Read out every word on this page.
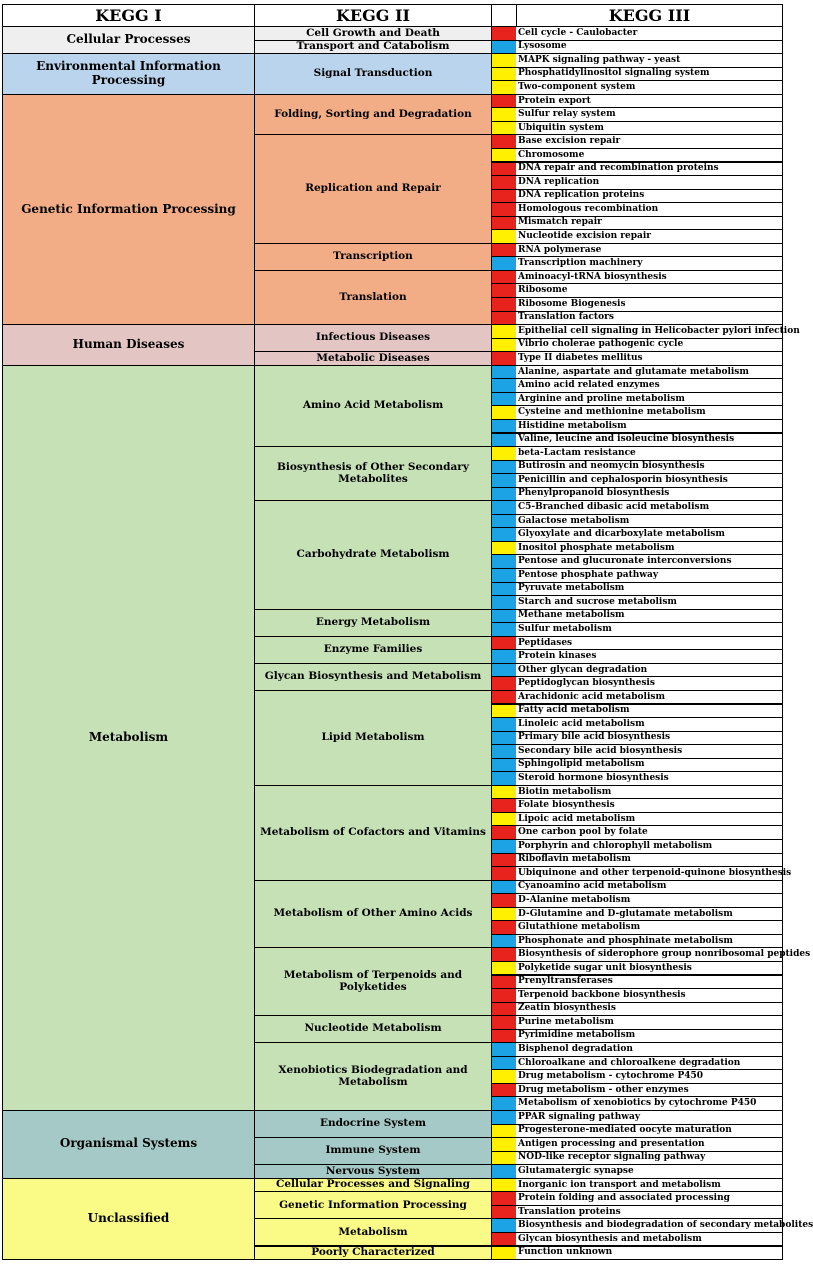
KEGG I	KEGG II	KEGG III
Cell cycle - Caulobacter
Cell Growth and Death
Lysosome
Transport and Catabolism
Cellular Processes
MAPK signaling pathway - yeast
Phosphatidylinositol signaling system
Two-component system
Signal Transduction
Environmental Information Processing
Protein export
Sulfur relay system
Ubiquitin system
Folding, Sorting and Degradation
Base excision repair
Chromosome
DNA repair and recombination proteins
DNA replication
DNA replication proteins
Homologous recombination
Mismatch repair
Nucleotide excision repair
Replication and Repair
RNA polymerase
Transcription machinery
Transcription
Aminoacyl-tRNA biosynthesis
Ribosome
Ribosome Biogenesis
Translation factors
Translation
Genetic Information Processing
Epithelial cell signaling in Helicobacter pylori infection
Vibrio cholerae pathogenic cycle
Infectious Diseases
Type II diabetes mellitus
Metabolic Diseases
Human Diseases
Alanine, aspartate and glutamate metabolism
Amino acid related enzymes
Arginine and proline metabolism
Cysteine and methionine metabolism
Histidine metabolism
Valine, leucine and isoleucine biosynthesis
Amino Acid Metabolism
beta-Lactam resistance
Butirosin and neomycin biosynthesis
Penicillin and cephalosporin biosynthesis
Phenylpropanoid biosynthesis
Biosynthesis of Other Secondary Metabolites
C5-Branched dibasic acid metabolism
Galactose metabolism
Glyoxylate and dicarboxylate metabolism
Inositol phosphate metabolism
Pentose and glucuronate interconversions
Pentose phosphate pathway
Pyruvate metabolism
Starch and sucrose metabolism
Carbohydrate Metabolism
Methane metabolism
Sulfur metabolism
Energy Metabolism
Peptidases
Protein kinases
Enzyme Families
Other glycan degradation
Peptidoglycan biosynthesis
Glycan Biosynthesis and Metabolism
Arachidonic acid metabolism
Fatty acid metabolism
Linoleic acid metabolism
Primary bile acid biosynthesis
Secondary bile acid biosynthesis
Sphingolipid metabolism
Steroid hormone biosynthesis
Lipid Metabolism
Biotin metabolism
Folate biosynthesis
Lipoic acid metabolism
One carbon pool by folate
Porphyrin and chlorophyll metabolism
Riboflavin metabolism
Ubiquinone and other terpenoid-quinone biosynthesis
Metabolism of Cofactors and Vitamins
Cyanoamino acid metabolism
D-Alanine metabolism
D-Glutamine and D-glutamate metabolism
Glutathione metabolism
Phosphonate and phosphinate metabolism
Metabolism of Other Amino Acids
Biosynthesis of siderophore group nonribosomal peptides
Polyketide sugar unit biosynthesis
Prenyltransferases
Terpenoid backbone biosynthesis
Zeatin biosynthesis
Metabolism of Terpenoids and Polyketides
Purine metabolism
Pyrimidine metabolism
Nucleotide Metabolism
Bisphenol degradation
Chloroalkane and chloroalkene degradation
Drug metabolism - cytochrome P450
Drug metabolism - other enzymes
Metabolism of xenobiotics by cytochrome P450
Xenobiotics Biodegradation and Metabolism
Metabolism
PPAR signaling pathway
Progesterone-mediated oocyte maturation
Endocrine System
Antigen processing and presentation
NOD-like receptor signaling pathway
Immune System
Glutamatergic synapse
Nervous System
Organismal Systems
Inorganic ion transport and metabolism
Cellular Processes and Signaling
Protein folding and associated processing
Translation proteins
Genetic Information Processing
Biosynthesis and biodegradation of secondary metabolites
Glycan biosynthesis and metabolism
Metabolism
Function unknown
Poorly Characterized
Unclassified
